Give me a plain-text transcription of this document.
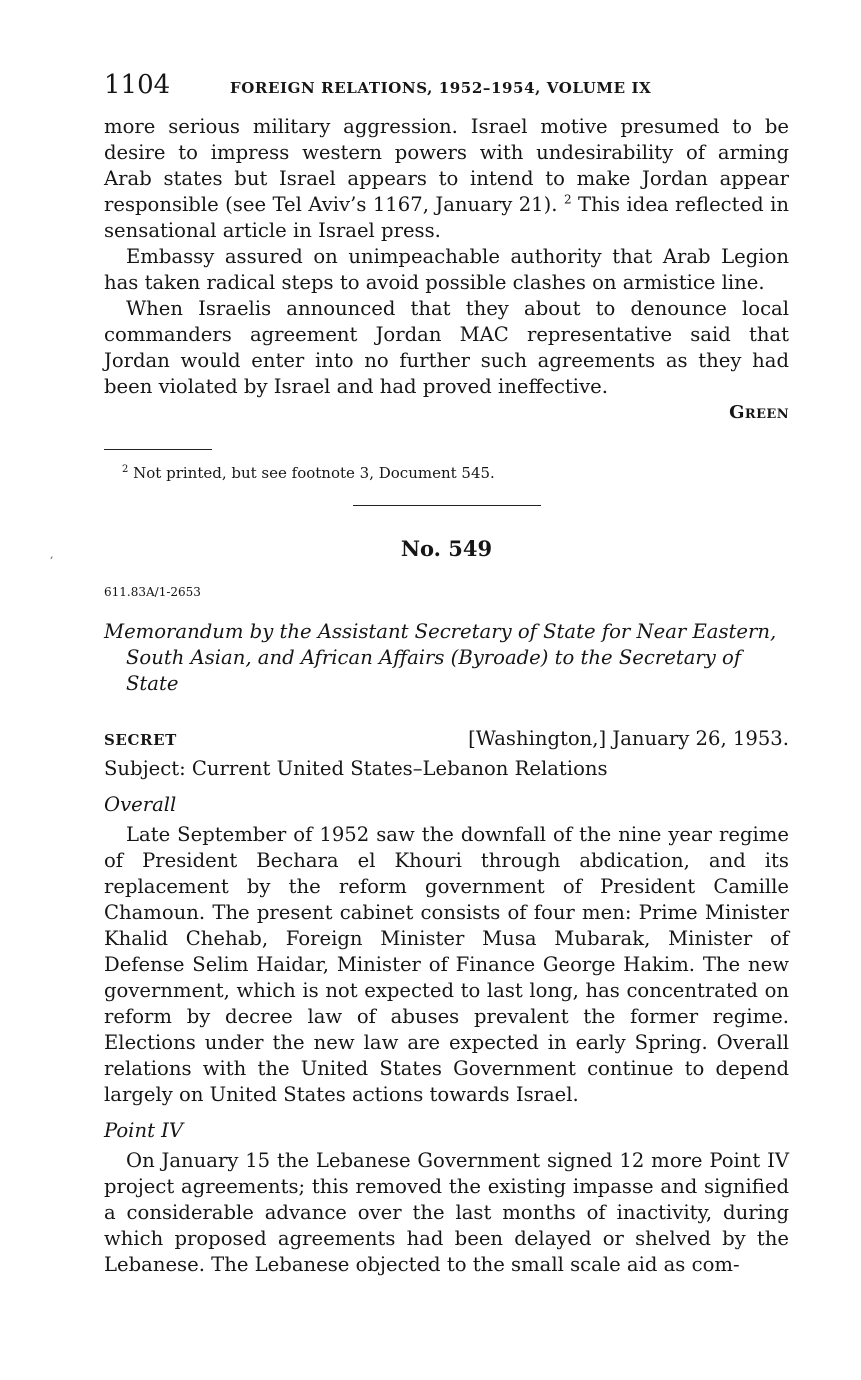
,
1104	FOREIGN RELATIONS, 1952–1954, VOLUME IX

more serious military aggression. Israel motive presumed to be desire to impress western powers with undesirability of arming Arab states but Israel appears to intend to make Jordan appear responsible (see Tel Aviv’s 1167, January 21). $^2$ This idea reflected in sensational article in Israel press.

Embassy assured on unimpeachable authority that Arab Legion has taken radical steps to avoid possible clashes on armistice line.

When Israelis announced that they about to denounce local commanders agreement Jordan MAC representative said that Jordan would enter into no further such agreements as they had been violated by Israel and had proved ineffective.

Green
$^2$ Not printed, but see footnote 3, Document 545.
No. 549
611.83A/1-2653
Memorandum by the Assistant Secretary of State for Near Eastern, South Asian, and African Affairs (Byroade) to the Secretary of State
SECRET	[Washington,] January 26, 1953.

Subject: Current United States–Lebanon Relations

Overall

Late September of 1952 saw the downfall of the nine year regime of President Bechara el Khouri through abdication, and its replacement by the reform government of President Camille Chamoun. The present cabinet consists of four men: Prime Minister Khalid Chehab, Foreign Minister Musa Mubarak, Minister of Defense Selim Haidar, Minister of Finance George Hakim. The new government, which is not expected to last long, has concentrated on reform by decree law of abuses prevalent the former regime. Elections under the new law are expected in early Spring. Overall relations with the United States Government continue to depend largely on United States actions towards Israel.

Point IV

On January 15 the Lebanese Government signed 12 more Point IV project agreements; this removed the existing impasse and signified a considerable advance over the last months of inactivity, during which proposed agreements had been delayed or shelved by the Lebanese. The Lebanese objected to the small scale aid as com-
